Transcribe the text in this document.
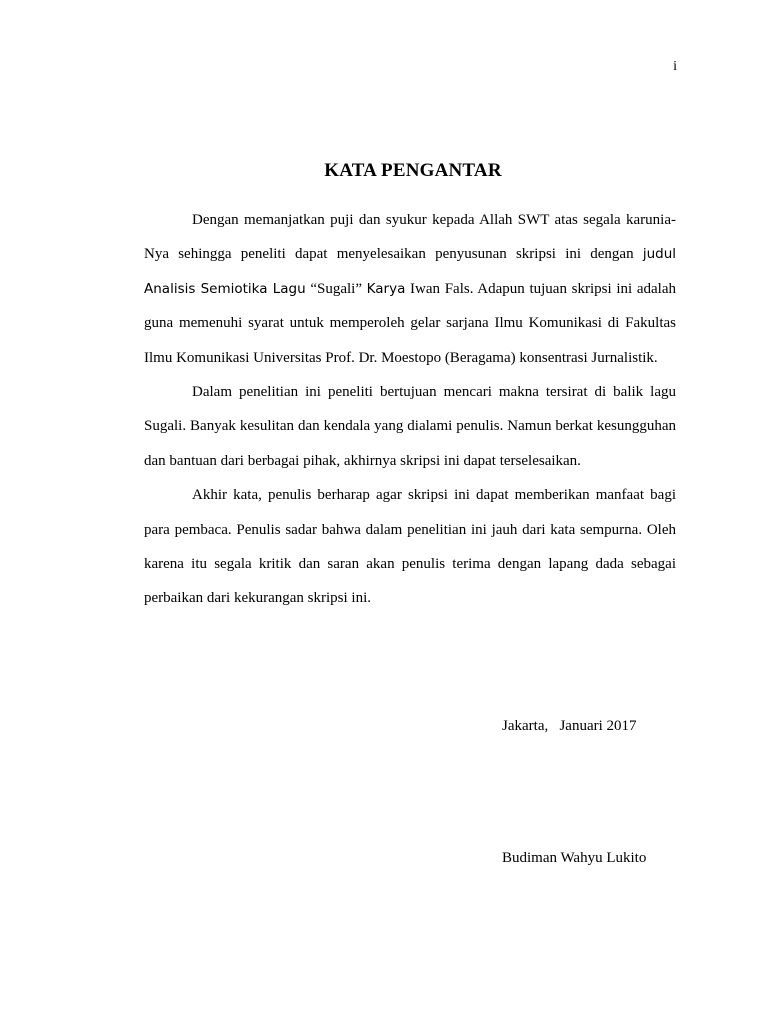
i
KATA PENGANTAR

Dengan memanjatkan puji dan syukur kepada Allah SWT atas segala karunia-Nya sehingga peneliti dapat menyelesaikan penyusunan skripsi ini dengan judul Analisis Semiotika Lagu “Sugali” Karya Iwan Fals. Adapun tujuan skripsi ini adalah guna memenuhi syarat untuk memperoleh gelar sarjana Ilmu Komunikasi di Fakultas Ilmu Komunikasi Universitas Prof. Dr. Moestopo (Beragama) konsentrasi Jurnalistik.

Dalam penelitian ini peneliti bertujuan mencari makna tersirat di balik lagu Sugali. Banyak kesulitan dan kendala yang dialami penulis. Namun berkat kesungguhan dan bantuan dari berbagai pihak, akhirnya skripsi ini dapat terselesaikan.

Akhir kata, penulis berharap agar skripsi ini dapat memberikan manfaat bagi para pembaca. Penulis sadar bahwa dalam penelitian ini jauh dari kata sempurna. Oleh karena itu segala kritik dan saran akan penulis terima dengan lapang dada sebagai perbaikan dari kekurangan skripsi ini.

Jakarta,   Januari 2017
Budiman Wahyu Lukito
